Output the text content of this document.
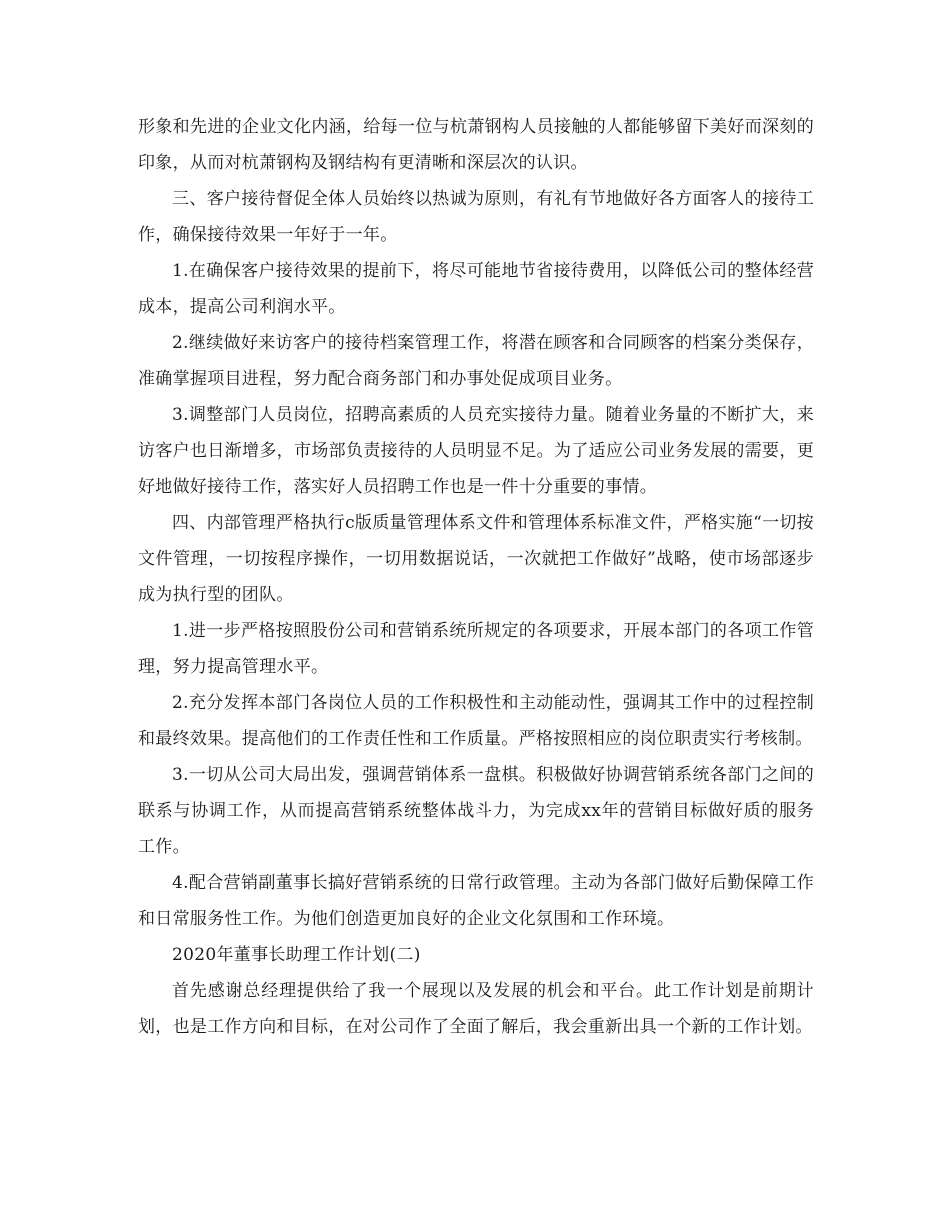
形象和先进的企业文化内涵，给每一位与杭萧钢构人员接触的人都能够留下美好而深刻的印象，从而对杭萧钢构及钢结构有更清晰和深层次的认识。

三、客户接待督促全体人员始终以热诚为原则，有礼有节地做好各方面客人的接待工作，确保接待效果一年好于一年。

1.在确保客户接待效果的提前下，将尽可能地节省接待费用，以降低公司的整体经营成本，提高公司利润水平。

2.继续做好来访客户的接待档案管理工作，将潜在顾客和合同顾客的档案分类保存，准确掌握项目进程，努力配合商务部门和办事处促成项目业务。

3.调整部门人员岗位，招聘高素质的人员充实接待力量。随着业务量的不断扩大，来访客户也日渐增多，市场部负责接待的人员明显不足。为了适应公司业务发展的需要，更好地做好接待工作，落实好人员招聘工作也是一件十分重要的事情。

四、内部管理严格执行c版质量管理体系文件和管理体系标准文件，严格实施“一切按文件管理，一切按程序操作，一切用数据说话，一次就把工作做好”战略，使市场部逐步成为执行型的团队。

1.进一步严格按照股份公司和营销系统所规定的各项要求，开展本部门的各项工作管理，努力提高管理水平。

2.充分发挥本部门各岗位人员的工作积极性和主动能动性，强调其工作中的过程控制和最终效果。提高他们的工作责任性和工作质量。严格按照相应的岗位职责实行考核制。

3.一切从公司大局出发，强调营销体系一盘棋。积极做好协调营销系统各部门之间的联系与协调工作，从而提高营销系统整体战斗力，为完成xx年的营销目标做好质的服务工作。

4.配合营销副董事长搞好营销系统的日常行政管理。主动为各部门做好后勤保障工作和日常服务性工作。为他们创造更加良好的企业文化氛围和工作环境。

2020年董事长助理工作计划(二)

首先感谢总经理提供给了我一个展现以及发展的机会和平台。此工作计划是前期计划，也是工作方向和目标，在对公司作了全面了解后，我会重新出具一个新的工作计划。
